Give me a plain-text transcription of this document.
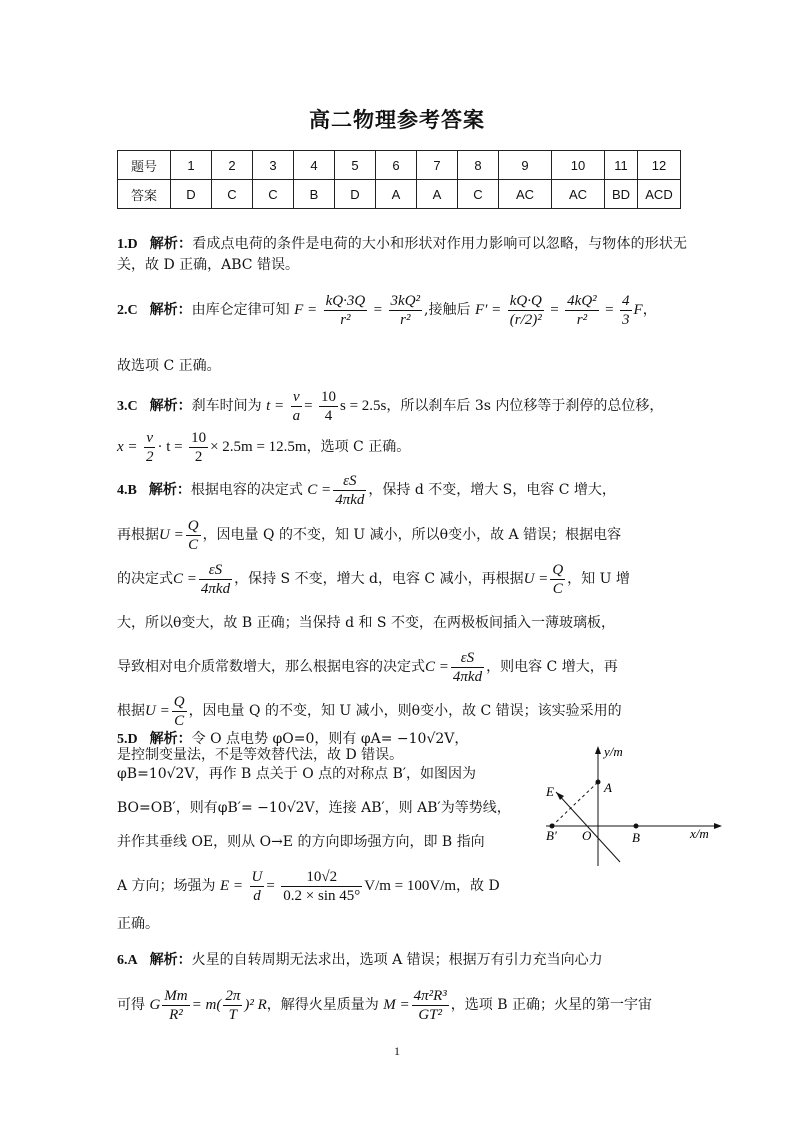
高二物理参考答案
题号	1	2	3	4	5	6	7	8	9	10	11	12
答案	D	C	C	B	D	A	A	C	AC	AC	BD	ACD
1.D 解析：看成点电荷的条件是电荷的大小和形状对作用力影响可以忽略，与物体的形状无关，故 D 正确，ABC 错误。
2.C 解析：由库仑定律可知 $F = \frac{kQ\cdot 3Q}{\text{r²}} = \frac{\text{3kQ²}}{\text{r²}}$ ,接触后 $F' = \frac{kQ\cdot Q}{\text{(r/2)²}} = \frac{\text{4kQ²}}{\text{r²}} = \frac{4}{3}$ F，
故选项 C 正确。
3.C 解析：刹车时间为 $t = \frac{v}{a} = \frac{10}{4}$ s = 2.5s，所以刹车后 3s 内位移等于刹停的总位移，
$x = \frac{v}{2} \cdot t = \frac{10}{2} \times 2.5m = 12.5m$，选项 C 正确。
4.B 解析：根据电容的决定式 $C = \frac{\varepsilon S}{\text{4πkd}}$ ，保持 d 不变，增大 S，电容 C 增大，
再根据$U = \frac{Q}{C}$ ，因电量 Q 的不变，知 U 减小，所以θ变小，故 A 错误；根据电容
的决定式$C = \frac{\varepsilon S}{\text{4πkd}}$ ，保持 S 不变，增大 d，电容 C 减小，再根据$U = \frac{Q}{C}$ ，知 U 增
大，所以θ变大，故 B 正确；当保持 d 和 S 不变，在两极板间插入一薄玻璃板，
导致相对电介质常数增大，那么根据电容的决定式$C = \frac{\varepsilon S}{\text{4πkd}}$ ，则电容 C 增大，再
根据$U = \frac{Q}{C}$ ，因电量 Q 的不变，知 U 减小，则θ变小，故 C 错误；该实验采用的
是控制变量法，不是等效替代法，故 D 错误。
5.D 解析：令 O 点电势 φO=0，则有 φA= −10√2V，
φB=10√2V，再作 B 点关于 O 点的对称点 B′，如图因为
BO=OB′，则有φB′= −10√2V，连接 AB′，则 AB′为等势线，
并作其垂线 OE，则从 O→E 的方向即场强方向，即 B 指向
A 方向；场强为 $E = \frac{U}{d} = \frac{10√2}{0.2 \times \sin 45^\circ} V/m = 100V/m$，故 D
正确。
y/m
x/m
A
E
B′ O	B
6.A 解析：火星的自转周期无法求出，选项 A 错误；根据万有引力充当向心力
可得 G $\frac{Mm}{\text{R²}} = m( \frac{2\pi}{T} )^2$ R，解得火星质量为 $M = \frac{\text{4π²R³}}{\text{GT²}}$ ，选项 B 正确；火星的第一宇宙
1
